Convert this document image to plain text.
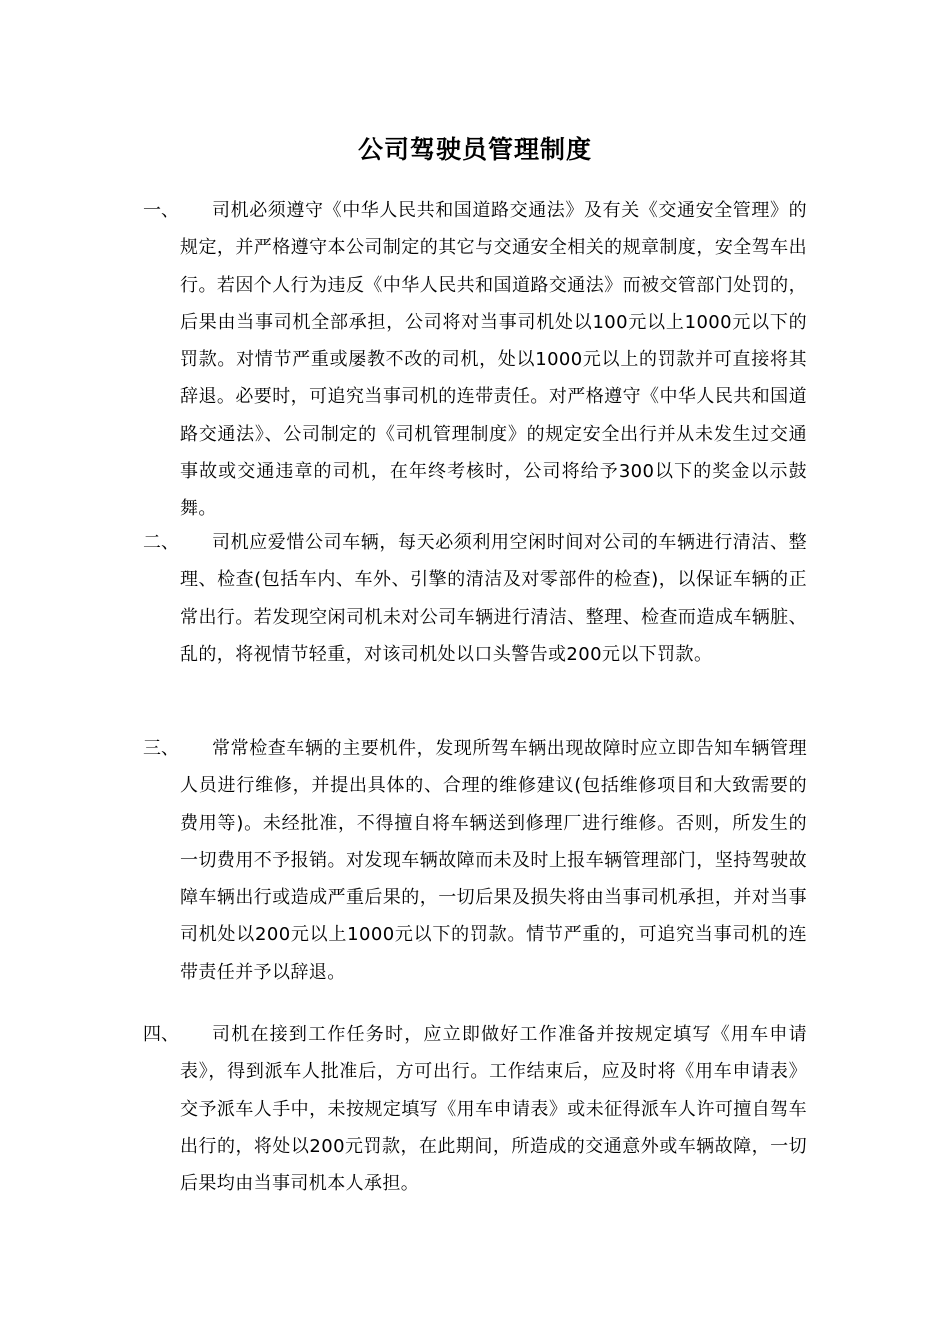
公司驾驶员管理制度
一、	司机必须遵守《中华人民共和国道路交通法》及有关《交通安全管理》的规定，并严格遵守本公司制定的其它与交通安全相关的规章制度，安全驾车出行。若因个人行为违反《中华人民共和国道路交通法》而被交管部门处罚的，后果由当事司机全部承担，公司将对当事司机处以100元以上1000元以下的罚款。对情节严重或屡教不改的司机，处以1000元以上的罚款并可直接将其辞退。必要时，可追究当事司机的连带责任。对严格遵守《中华人民共和国道路交通法》、公司制定的《司机管理制度》的规定安全出行并从未发生过交通事故或交通违章的司机，在年终考核时，公司将给予300以下的奖金以示鼓舞。

二、	司机应爱惜公司车辆，每天必须利用空闲时间对公司的车辆进行清洁、整理、检查(包括车内、车外、引擎的清洁及对零部件的检查)，以保证车辆的正常出行。若发现空闲司机未对公司车辆进行清洁、整理、检查而造成车辆脏、乱的，将视情节轻重，对该司机处以口头警告或200元以下罚款。

三、	常常检查车辆的主要机件，发现所驾车辆出现故障时应立即告知车辆管理人员进行维修，并提出具体的、合理的维修建议(包括维修项目和大致需要的费用等)。未经批准，不得擅自将车辆送到修理厂进行维修。否则，所发生的一切费用不予报销。对发现车辆故障而未及时上报车辆管理部门，坚持驾驶故障车辆出行或造成严重后果的，一切后果及损失将由当事司机承担，并对当事司机处以200元以上1000元以下的罚款。情节严重的，可追究当事司机的连带责任并予以辞退。

四、	司机在接到工作任务时，应立即做好工作准备并按规定填写《用车申请表》，得到派车人批准后，方可出行。工作结束后，应及时将《用车申请表》交予派车人手中，未按规定填写《用车申请表》或未征得派车人许可擅自驾车出行的，将处以200元罚款，在此期间，所造成的交通意外或车辆故障，一切后果均由当事司机本人承担。
